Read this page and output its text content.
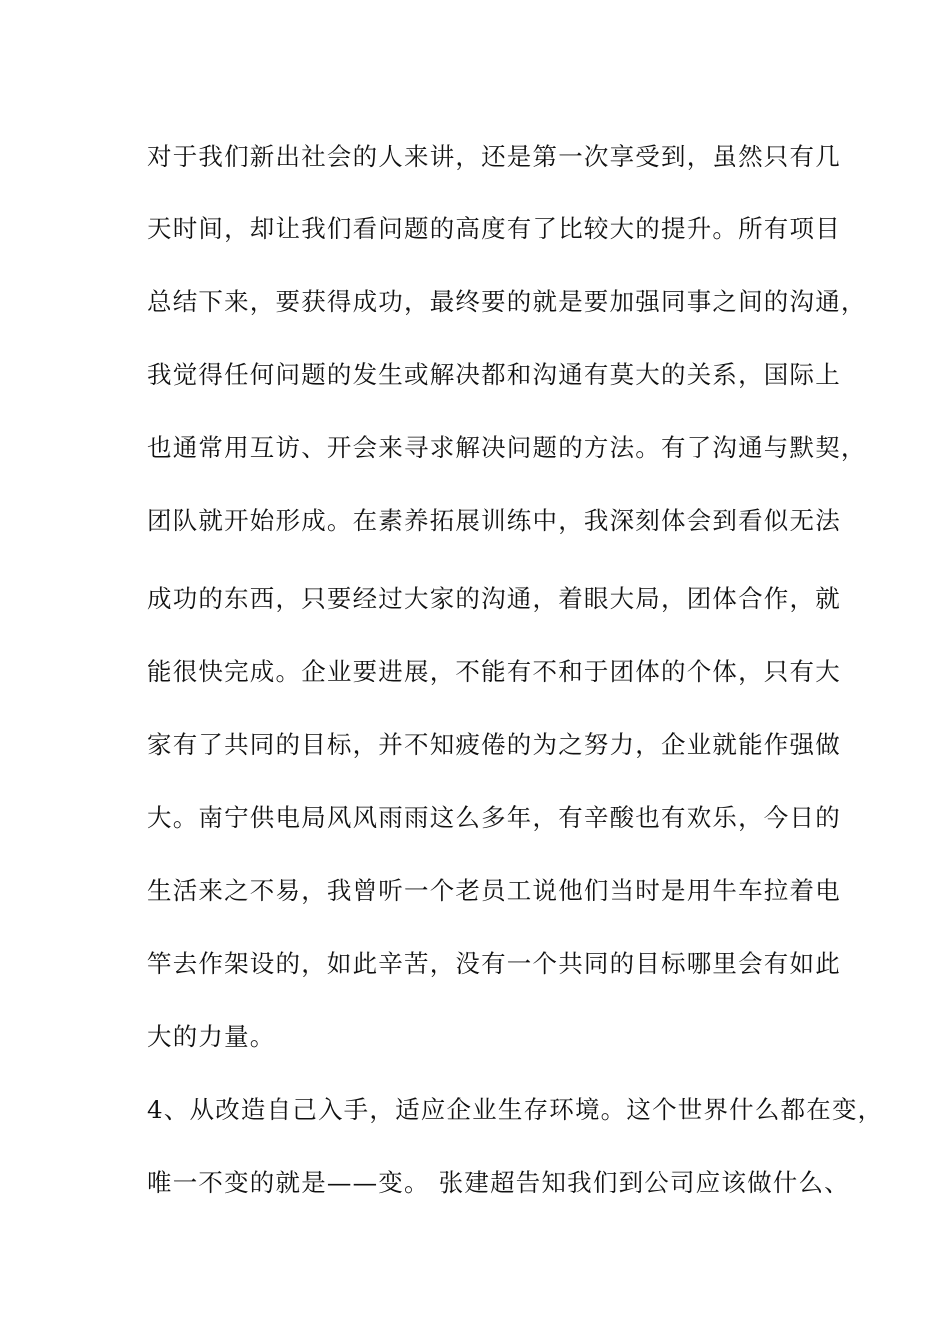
对于我们新出社会的人来讲，还是第一次享受到，虽然只有几
天时间，却让我们看问题的高度有了比较大的提升。所有项目
总结下来，要获得成功，最终要的就是要加强同事之间的沟通，
我觉得任何问题的发生或解决都和沟通有莫大的关系，国际上
也通常用互访、开会来寻求解决问题的方法。有了沟通与默契，
团队就开始形成。在素养拓展训练中，我深刻体会到看似无法
成功的东西，只要经过大家的沟通，着眼大局，团体合作，就
能很快完成。企业要进展，不能有不和于团体的个体，只有大
家有了共同的目标，并不知疲倦的为之努力，企业就能作强做
大。南宁供电局风风雨雨这么多年，有辛酸也有欢乐，今日的
生活来之不易，我曾听一个老员工说他们当时是用牛车拉着电
竿去作架设的，如此辛苦，没有一个共同的目标哪里会有如此
大的力量。
4、从改造自己入手，适应企业生存环境。这个世界什么都在变，
唯一不变的就是——变。 张建超告知我们到公司应该做什么、
